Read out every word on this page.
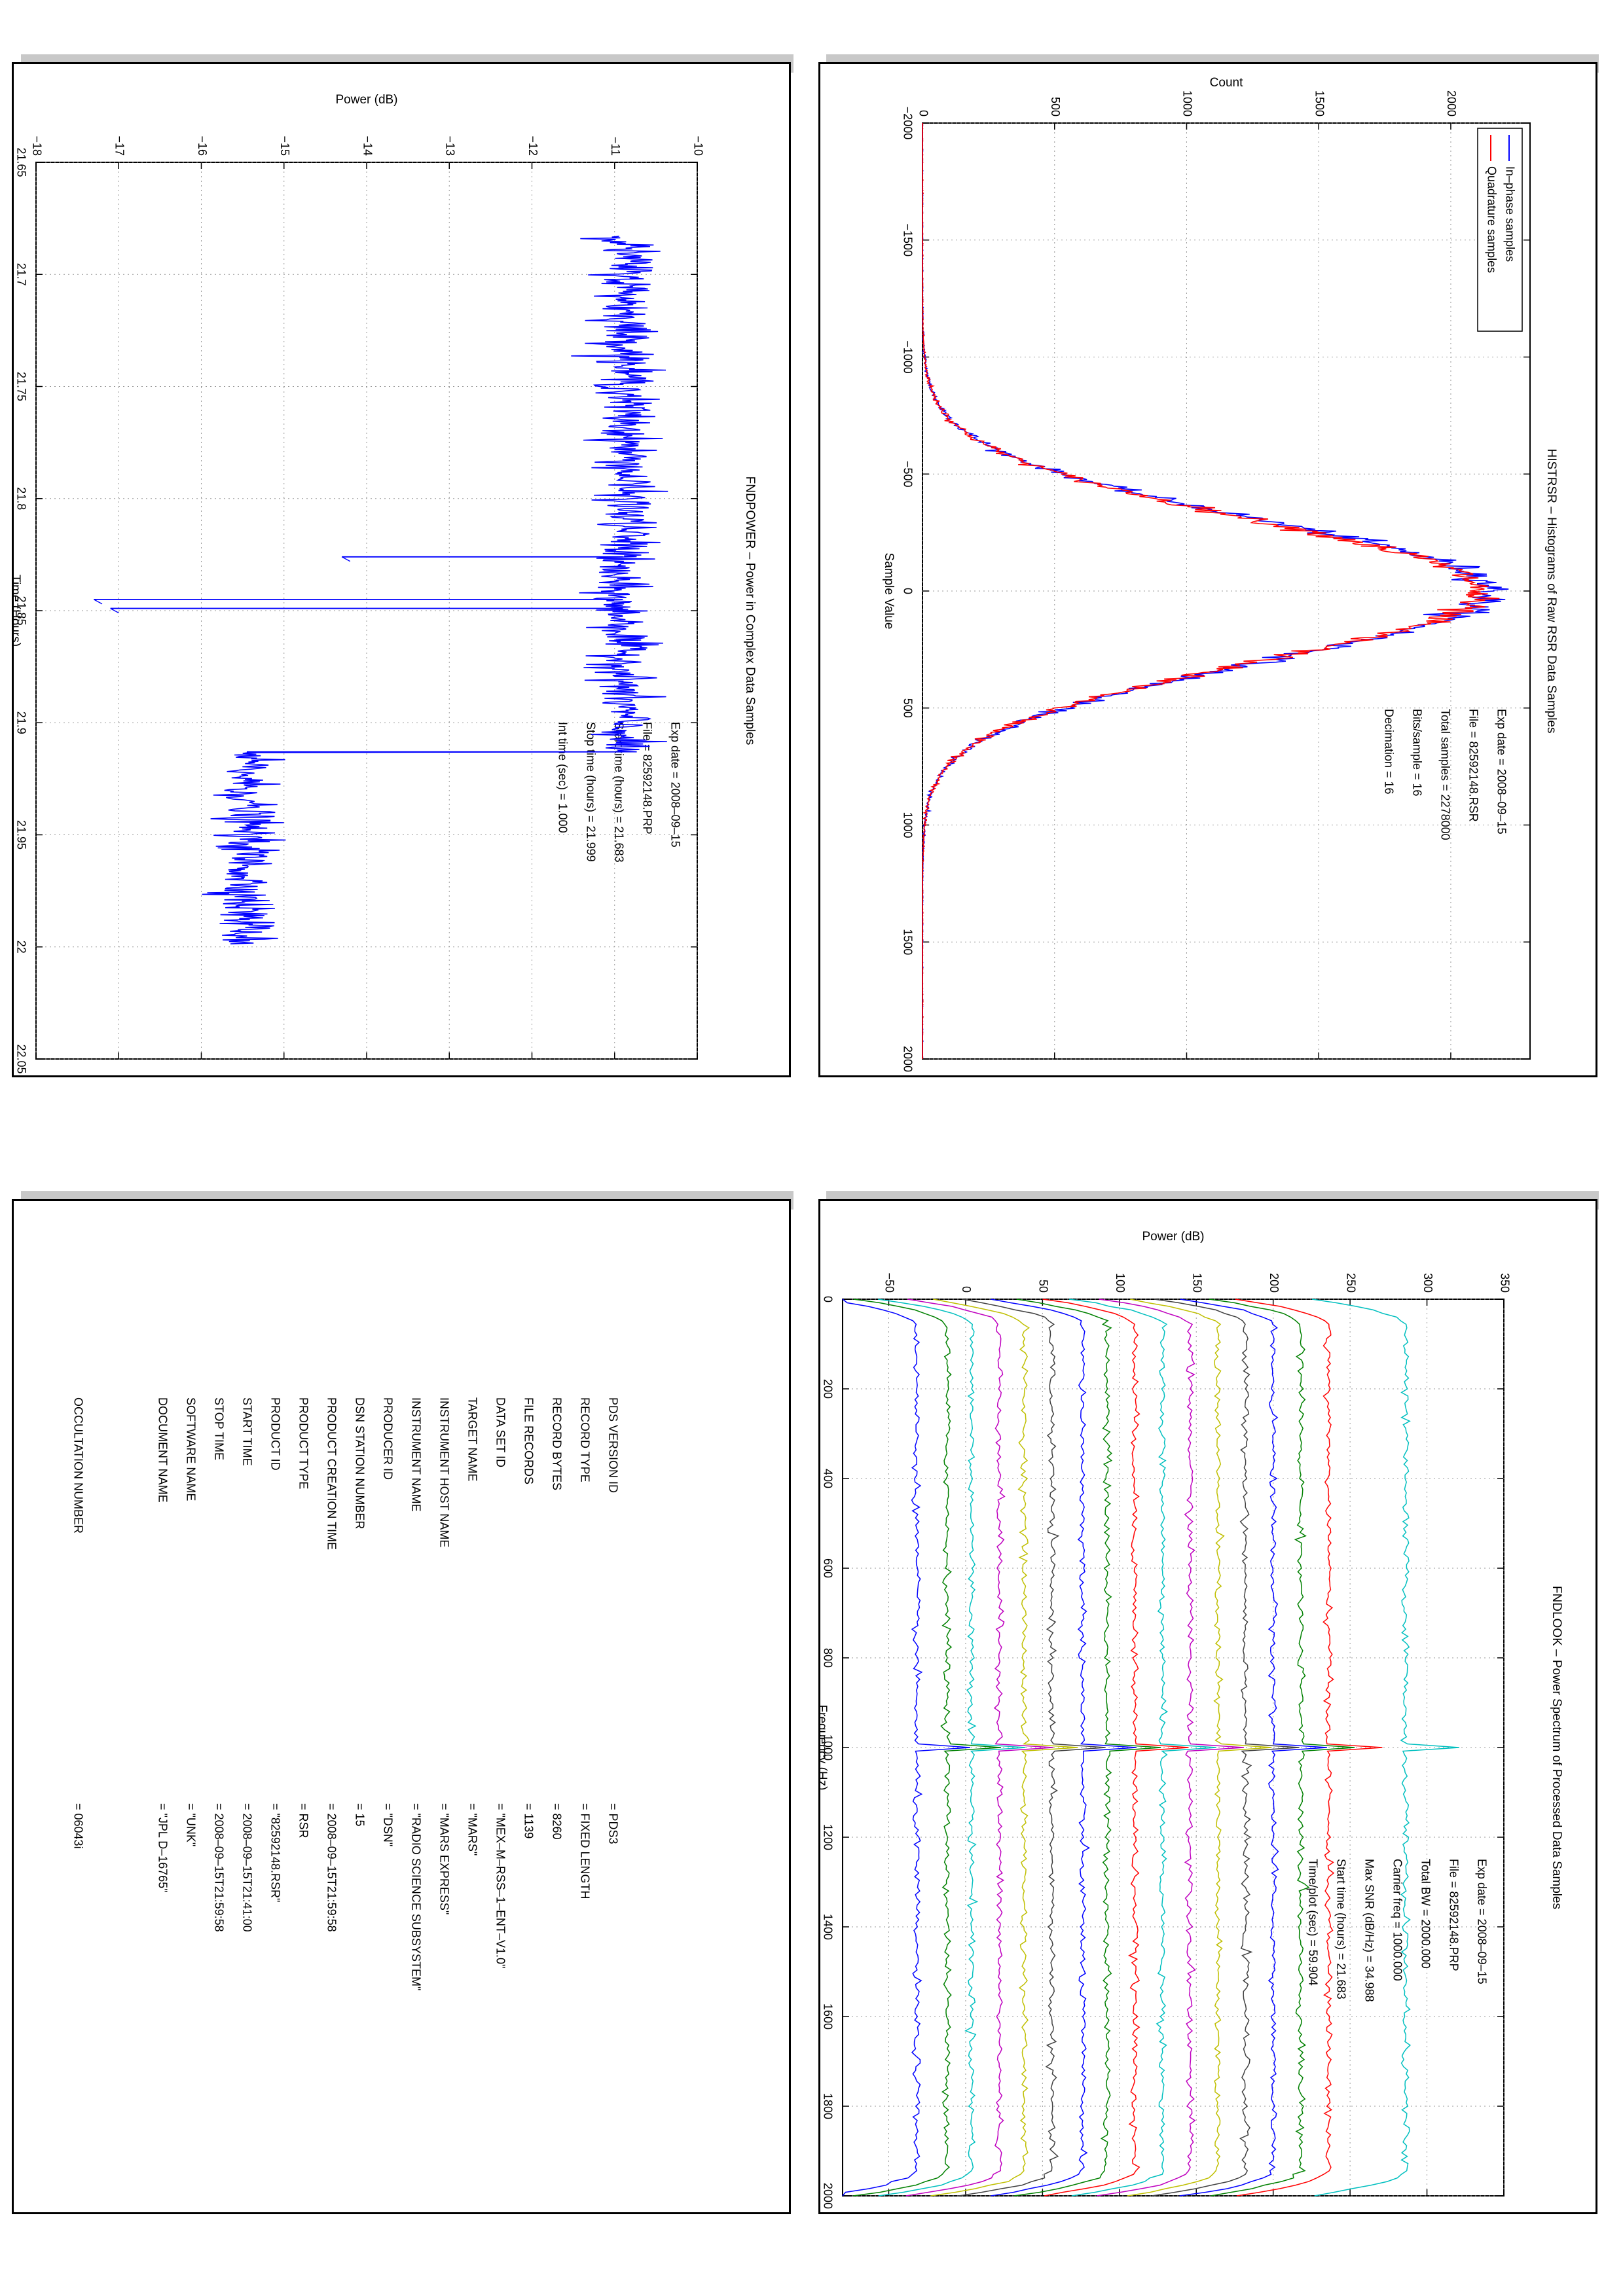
−2000
−1500
−1000
−500
0
500
1000
1500
2000
0	500	1000	1500	2000
HISTRSR – Histograms of Raw RSR Data Samples
Sample Value
Count
Exp date = 2008–09–15
File = 82592148.RSR
Total samples = 2278000
Bits/sample = 16
Decimation = 16
In–phase samples
Quadrature samples
21.65
21.7
21.75
21.8
21.85
21.9
21.95
22
22.05
−18	−17	−16	−15	−14	−13	−12	−11	−10
FNDPOWER – Power in Complex Data Samples
Time (Hours)
Power (dB)
Exp date = 2008–09–15
File = 82592148.PRP
Start time (hours) = 21.683
Stop time (hours) = 21.999
Int time (sec) = 1.000
0
200
400
600
800
1000
1200
1400
1600
1800
2000
−50	0	50	100	150	200	250	300	350
FNDLOOK – Power Spectrum of Processed Data Samples
Frequency (Hz)
Power (dB)
Exp date = 2008–09–15
File = 82592148.PRP
Total BW = 2000.000
Carrier freq = 1000.000
Max SNR (dB/Hz) = 34.988
Start time (hours) = 21.683
Time/plot (sec) = 59.904
PDS VERSION ID
= PDS3
RECORD TYPE
= FIXED LENGTH
RECORD BYTES
= 8260
FILE RECORDS
= 1139
DATA SET ID
= "MEX–M–RSS–1–ENT–V1.0"
TARGET NAME
= "MARS"
INSTRUMENT HOST NAME
= "MARS EXPRESS"
INSTRUMENT NAME
= "RADIO SCIENCE SUBSYSTEM"
PRODUCER ID
= "DSN"
DSN STATION NUMBER
= 15
PRODUCT CREATION TIME
= 2008–09–15T21:59:58
PRODUCT TYPE
= RSR
PRODUCT ID
= "82592148.RSR"
START TIME
= 2008–09–15T21:41:00
STOP TIME
= 2008–09–15T21:59:58
SOFTWARE NAME
= "UNK"
DOCUMENT NAME
= "JPL D–16765"
OCCULTATION NUMBER
= 06043i
